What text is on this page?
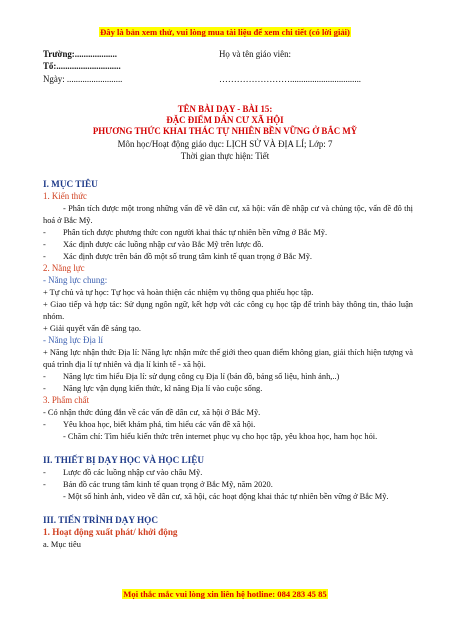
Đây là bản xem thử, vui lòng mua tài liệu để xem chi tiết (có lời giải)
Trường:...................	Họ và tên giáo viên:
Tổ:.............................
Ngày: .........................	……………………................................
TÊN BÀI DẠY - BÀI 15:
ĐẶC ĐIỂM DÂN CƯ XÃ HỘI
PHƯƠNG THỨC KHAI THÁC TỰ NHIÊN BỀN VỮNG Ở BẮC MỸ
Môn học/Hoạt động giáo dục: LỊCH SỬ VÀ ĐỊA LÍ; Lớp: 7
Thời gian thực hiện: Tiết
I. MỤC TIÊU
1. Kiến thức
- Phân tích được một trong những vấn đề về dân cư, xã hội: vấn đề nhập cư và chủng tộc, vấn đề đô thị hoá ở Bắc Mỹ.
-	Phân tích được phương thức con người khai thác tự nhiên bền vững ở Bắc Mỹ.
-	Xác định được các luồng nhập cư vào Bắc Mỹ trên lược đồ.
-	Xác định được trên bản đồ một số trung tâm kinh tế quan trọng ở Bắc Mỹ.
2. Năng lực
- Năng lực chung:
+ Tự chủ và tự học: Tự học và hoàn thiện các nhiệm vụ thông qua phiếu học tập.
+ Giao tiếp và hợp tác: Sử dụng ngôn ngữ, kết hợp với các công cụ học tập để trình bày thông tin, thảo luận nhóm.
+ Giải quyết vấn đề sáng tạo.
- Năng lực Địa lí
+ Năng lực nhận thức Địa lí: Năng lực nhận mức thế giới theo quan điểm không gian, giải thích hiện tượng và quá trình địa lí tự nhiên và địa lí kinh tế - xã hội.
-	Năng lực tìm hiểu Địa lí: sử dụng công cụ Địa lí (bản đồ, bảng số liệu, hình ảnh,..)
-	Năng lực vận dụng kiến thức, kĩ năng Địa lí vào cuộc sống.
3. Phẩm chất
- Có nhận thức đúng đắn về các vấn đề dân cư, xã hội ở Bắc Mỹ.
-	Yêu khoa học, biết khám phá, tìm hiểu các vấn đề xã hội.
- Chăm chỉ: Tìm hiểu kiến thức trên internet phục vụ cho học tập, yêu khoa học, ham học hỏi.
II. THIẾT BỊ DẠY HỌC VÀ HỌC LIỆU
-	Lược đồ các luồng nhập cư vào châu Mỹ.
-	Bản đồ các trung tâm kinh tế quan trọng ở Bắc Mỹ, năm 2020.
- Một số hình ảnh, video về dân cư, xã hội, các hoạt động khai thác tự nhiên bền vững ở Bắc Mỹ.
III. TIẾN TRÌNH DẠY HỌC
1. Hoạt động xuất phát/ khởi động
a. Mục tiêu
Mọi thắc mắc vui lòng xin liên hệ hotline: 084 283 45 85
